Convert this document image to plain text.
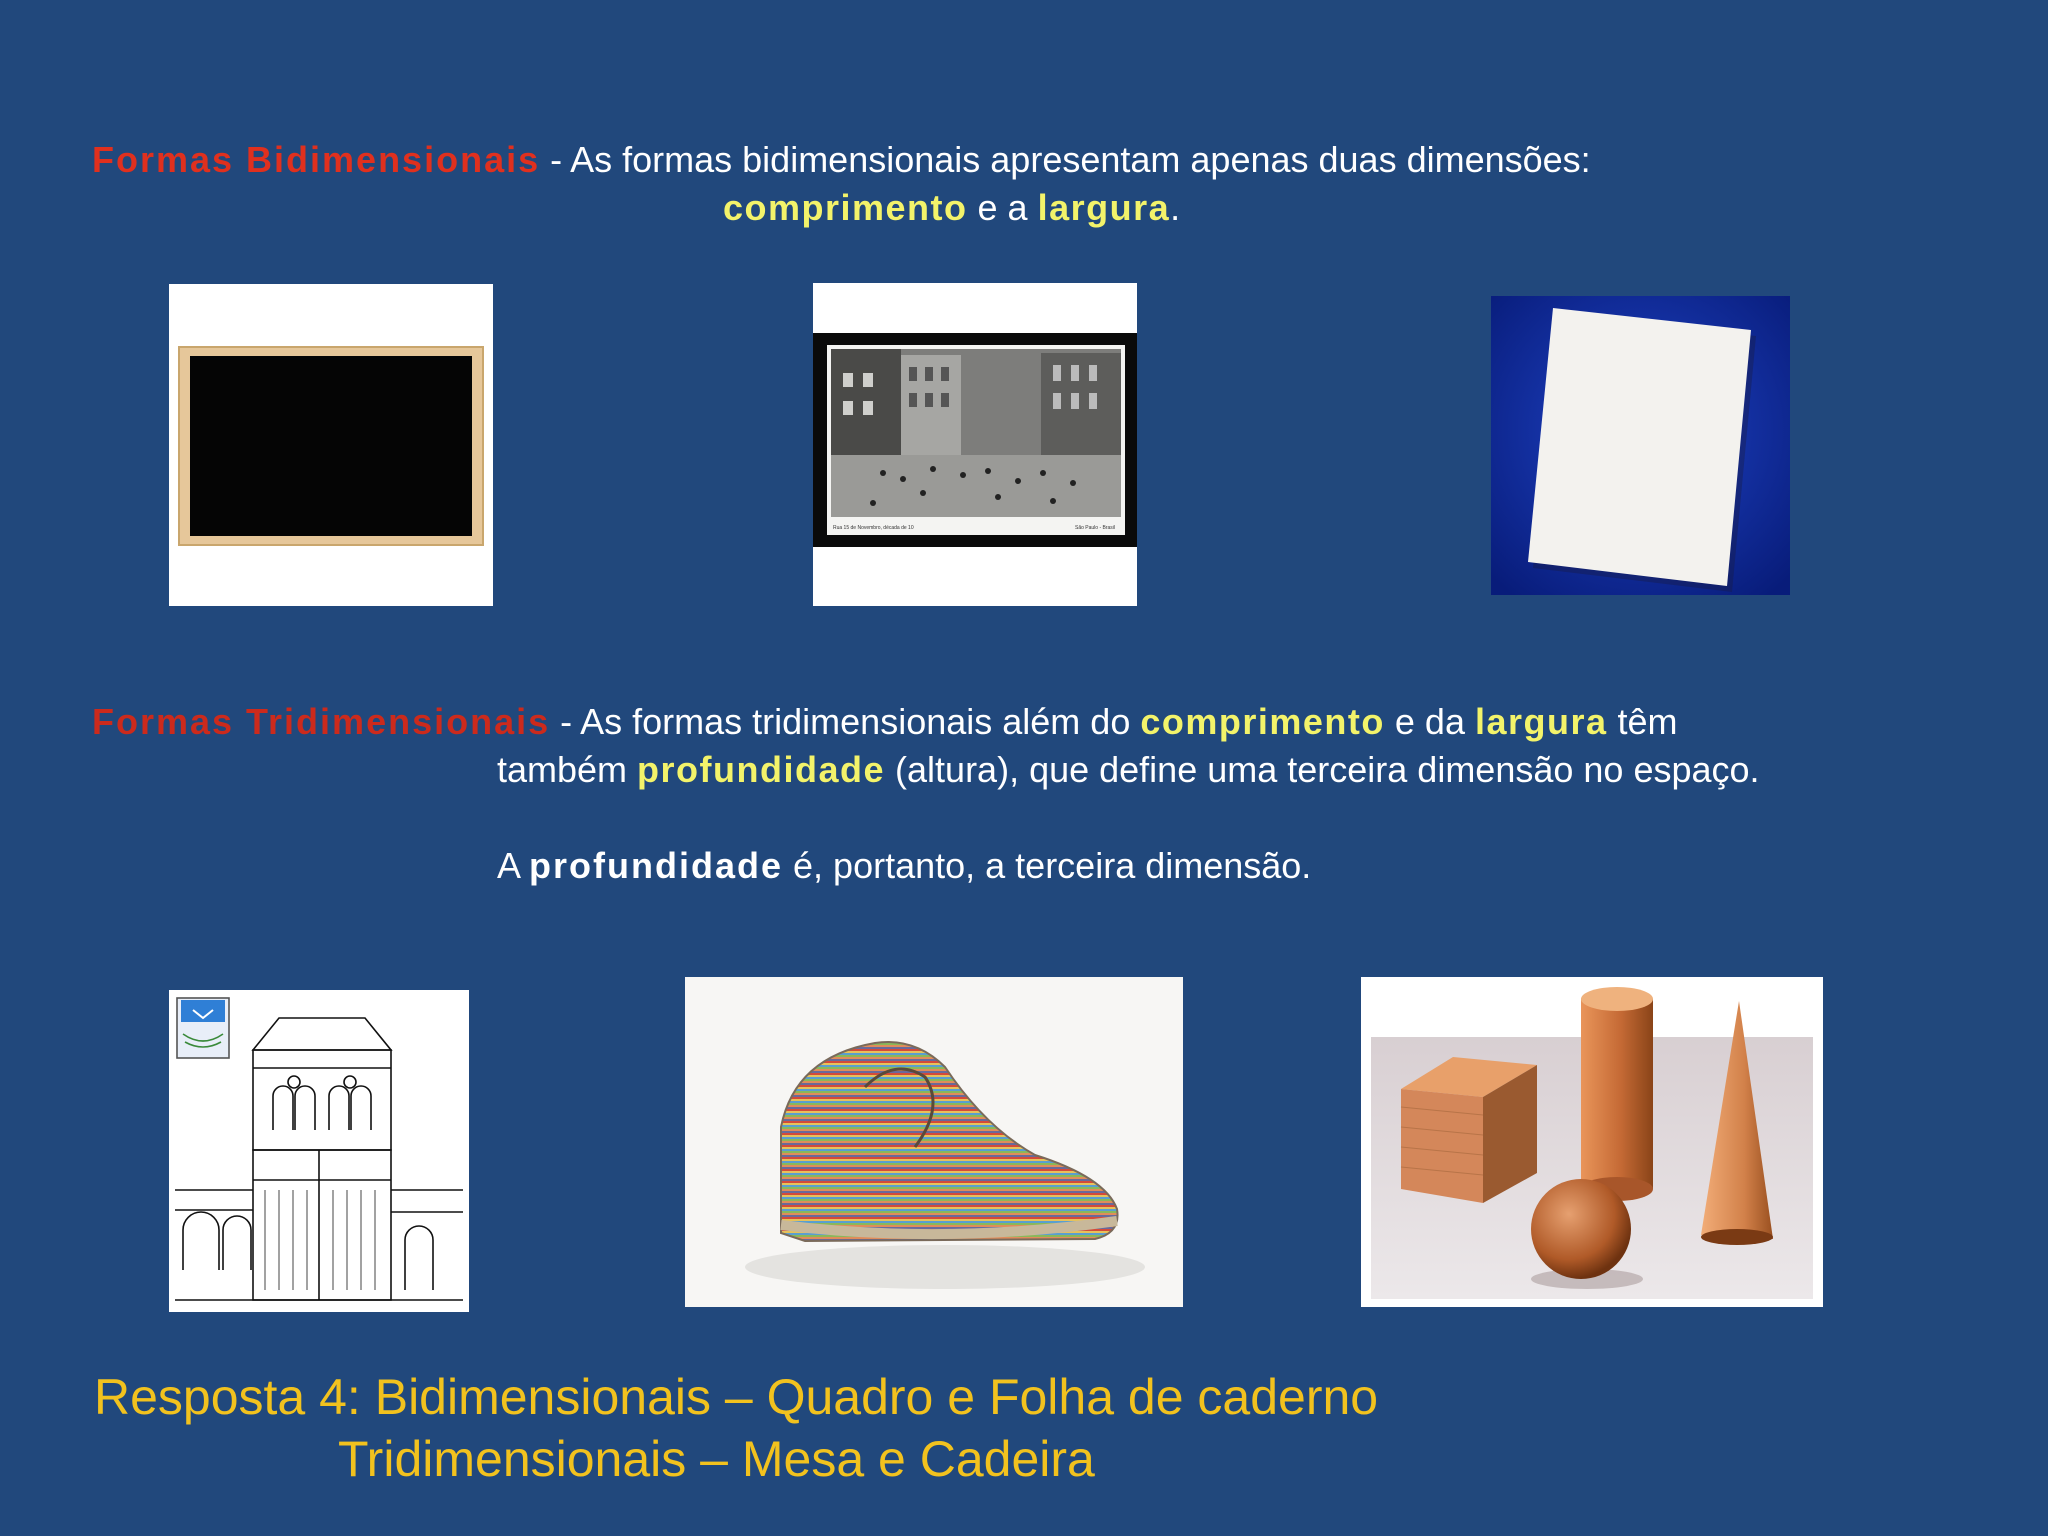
Formas Bidimensionais - As formas bidimensionais apresentam apenas duas dimensões:
comprimento e a largura.
Rua 15 de Novembro, década de 10	São Paulo - Brasil
Formas Tridimensionais - As formas tridimensionais além do comprimento e da largura têm
também profundidade (altura), que define uma terceira dimensão no espaço.
A profundidade é, portanto, a terceira dimensão.
Resposta 4: Bidimensionais – Quadro e Folha de caderno
Tridimensionais – Mesa e Cadeira
